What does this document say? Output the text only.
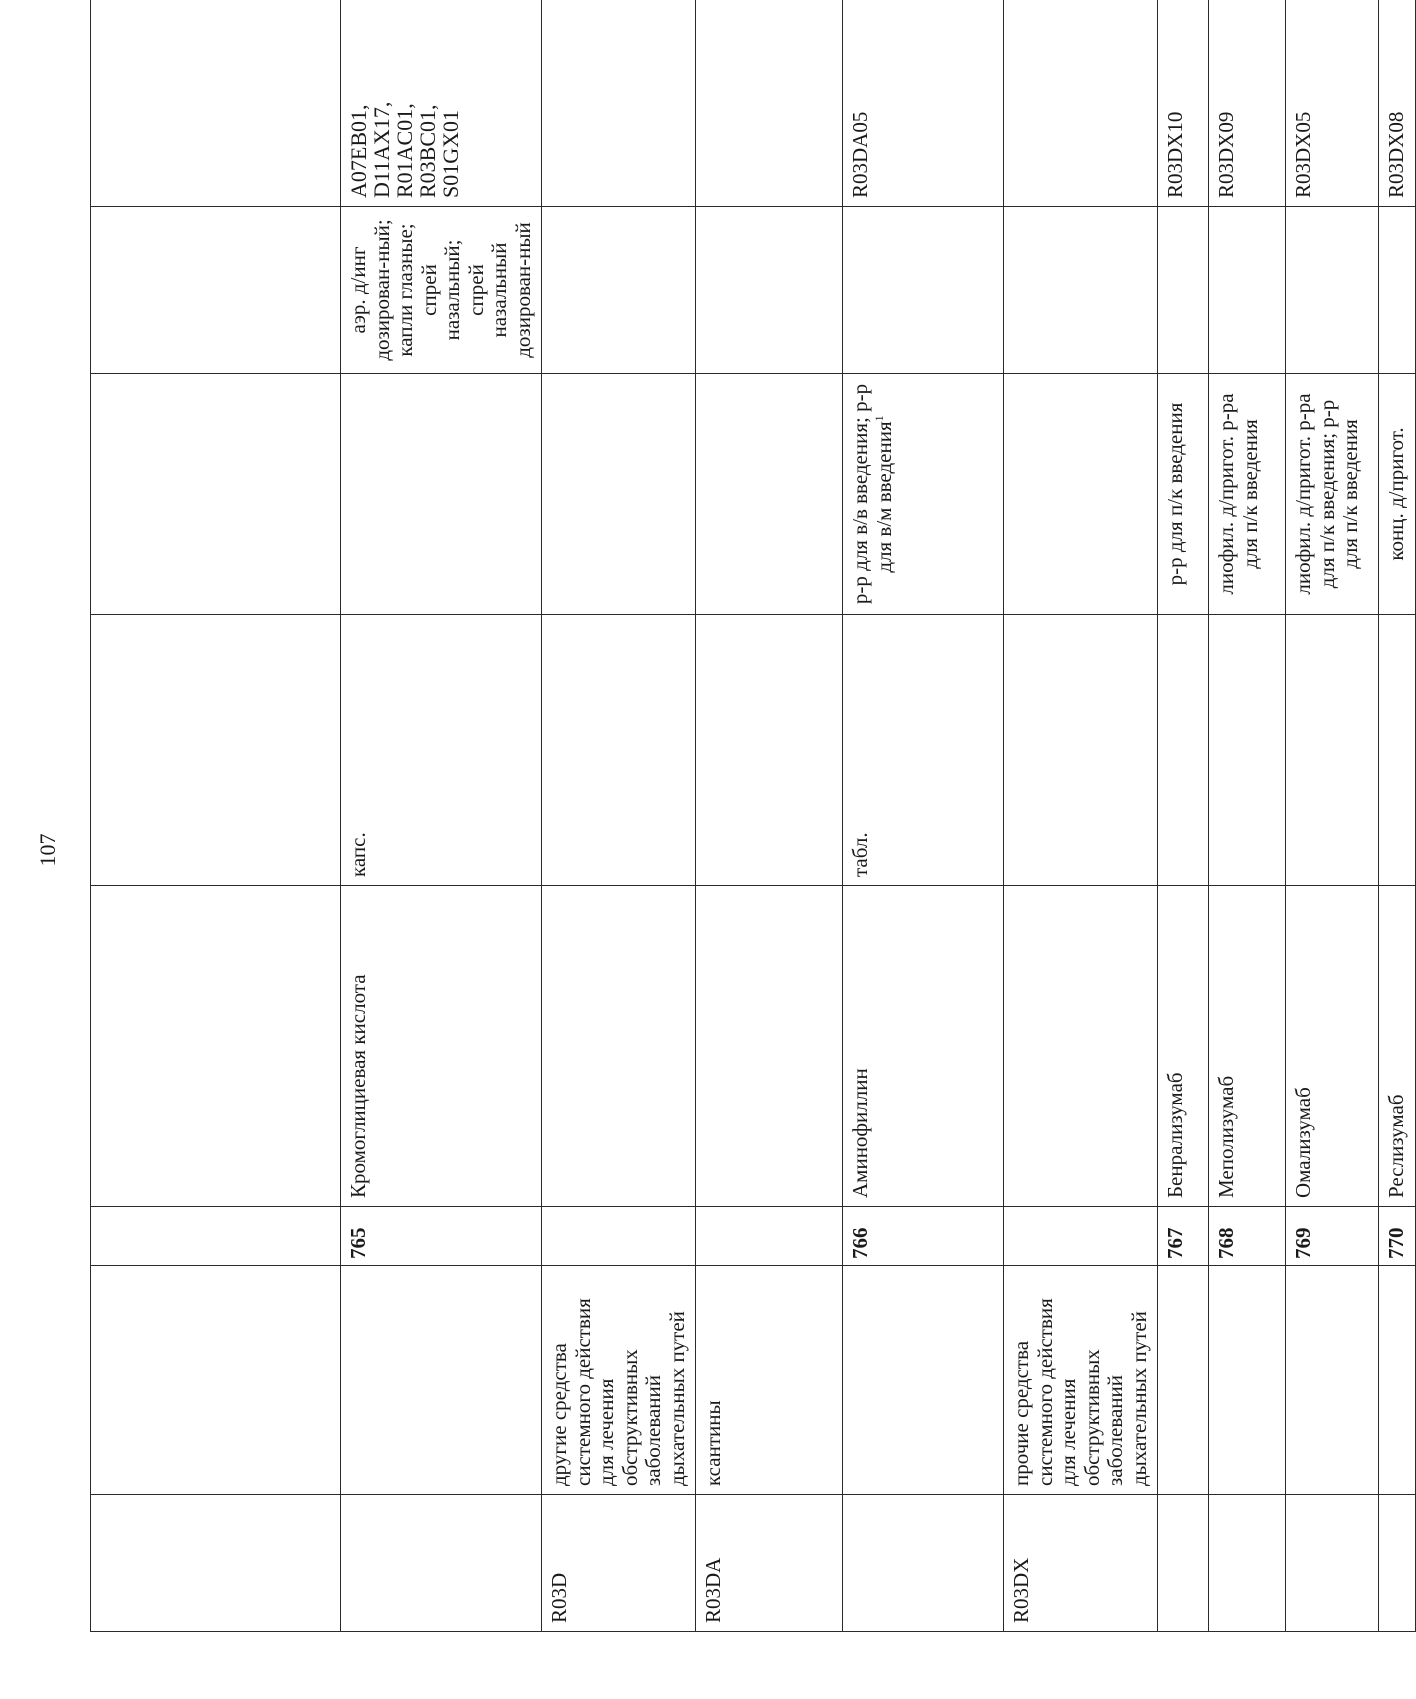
107

		765	Кромоглициевая кислота	капс.		аэр. д/инг дозирован-ный; капли глазные; спрей назальный; спрей назальный дозирован-ный	A07EB01,
D11AX17,
R01AC01,
R03BC01,
S01GX01

R03D	другие средства системного действия для лечения обструктивных заболеваний дыхательных путей						
R03DA	ксантины						
		766	Аминофиллин	табл.	р-р для в/в введения; р-р для в/м введения$^1$		R03DA05
R03DX	прочие средства системного действия для лечения обструктивных заболеваний дыхательных путей						
		767	Бенрализумаб		р-р для п/к введения		R03DX10
		768	Меполизумаб		лиофил. д/пригот. р-ра для п/к введения		R03DX09
		769	Омализумаб		лиофил. д/пригот. р-ра для п/к введения; р-р для п/к введения		R03DX05
		770	Реслизумаб		конц. д/пригот.		R03DX08
